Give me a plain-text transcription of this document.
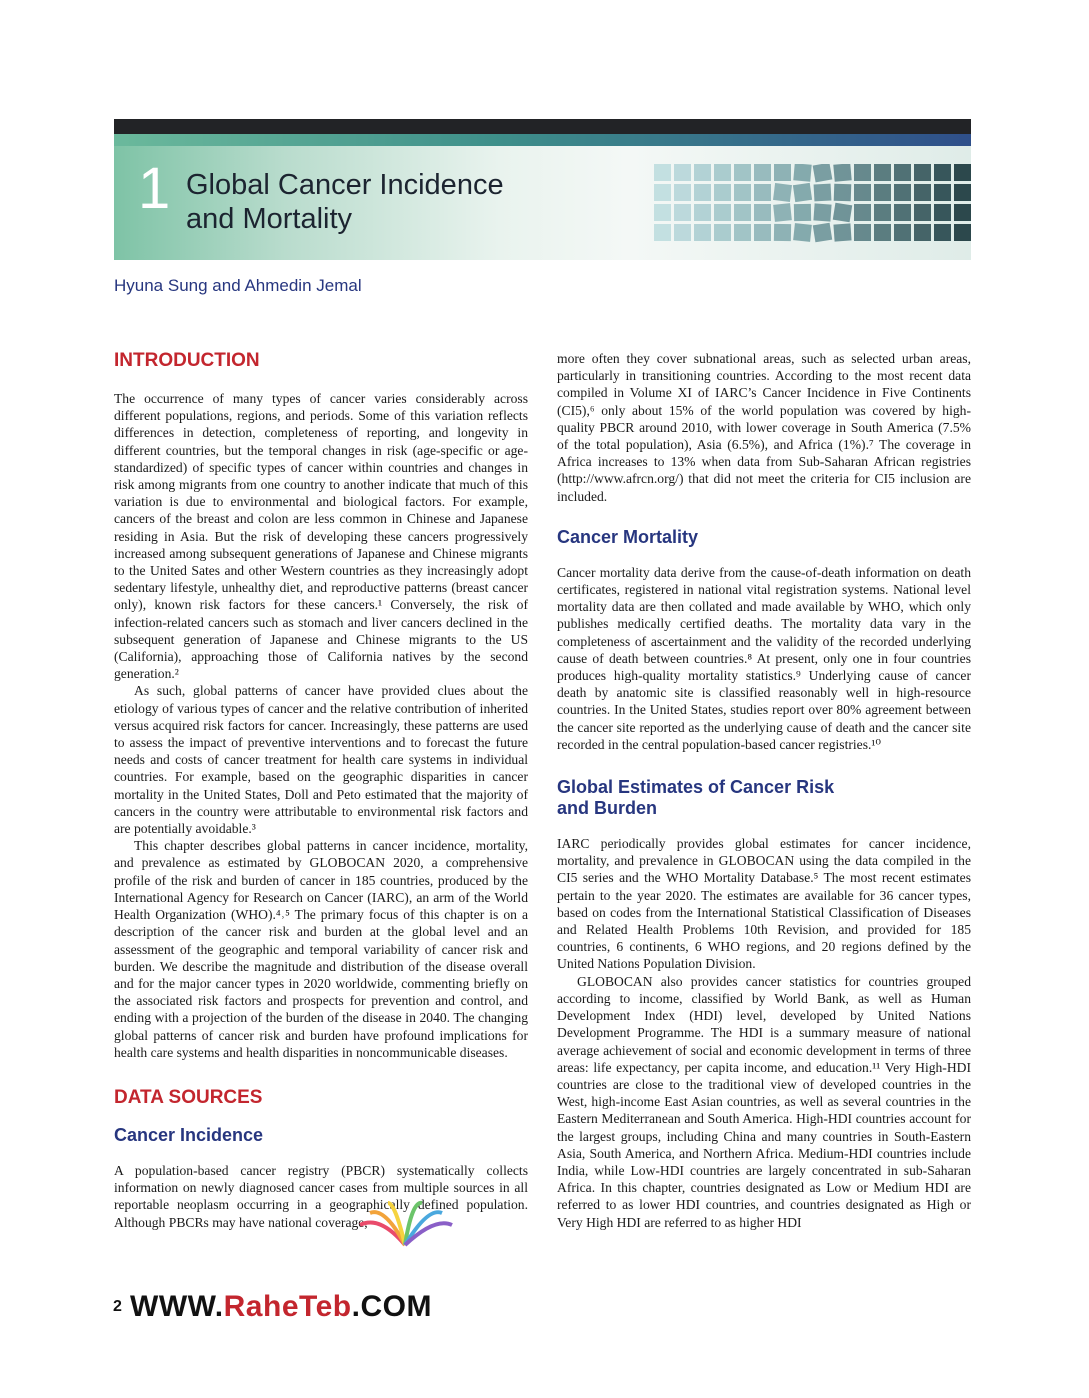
1 Global Cancer Incidence
and Mortality
Hyuna Sung and Ahmedin Jemal
INTRODUCTION

The occurrence of many types of cancer varies considerably across different populations, regions, and periods. Some of this variation reflects differences in detection, completeness of reporting, and longevity in different countries, but the temporal changes in risk (age-specific or age-standardized) of specific types of cancer within countries and changes in risk among migrants from one country to another indicate that much of this variation is due to environmental and biological factors. For example, cancers of the breast and colon are less common in Chinese and Japanese residing in Asia. But the risk of developing these cancers progressively increased among subsequent generations of Japanese and Chinese migrants to the United Sates and other Western countries as they increasingly adopt sedentary lifestyle, unhealthy diet, and reproductive patterns (breast cancer only), known risk factors for these cancers.¹ Conversely, the risk of infection-related cancers such as stomach and liver cancers declined in the subsequent generation of Japanese and Chinese migrants to the US (California), approaching those of California natives by the second generation.²

As such, global patterns of cancer have provided clues about the etiology of various types of cancer and the relative contribution of inherited versus acquired risk factors for cancer. Increasingly, these patterns are used to assess the impact of preventive interventions and to forecast the future needs and costs of cancer treatment for health care systems in individual countries. For example, based on the geographic disparities in cancer mortality in the United States, Doll and Peto estimated that the majority of cancers in the country were attributable to environmental risk factors and are potentially avoidable.³

This chapter describes global patterns in cancer incidence, mortality, and prevalence as estimated by GLOBOCAN 2020, a comprehensive profile of the risk and burden of cancer in 185 countries, produced by the International Agency for Research on Cancer (IARC), an arm of the World Health Organization (WHO).⁴˒⁵ The primary focus of this chapter is on a description of the cancer risk and burden at the global level and an assessment of the geographic and temporal variability of cancer risk and burden. We describe the magnitude and distribution of the disease overall and for the major cancer types in 2020 worldwide, commenting briefly on the associated risk factors and prospects for prevention and control, and ending with a projection of the burden of the disease in 2040. The changing global patterns of cancer risk and burden have profound implications for health care systems and health disparities in noncommunicable diseases.

DATA SOURCES
Cancer Incidence

A population-based cancer registry (PBCR) systematically collects information on newly diagnosed cancer cases from multiple sources in all reportable neoplasm occurring in a geographically defined population. Although PBCRs may have national coverage,

more often they cover subnational areas, such as selected urban areas, particularly in transitioning countries. According to the most recent data compiled in Volume XI of IARC’s Cancer Incidence in Five Continents (CI5),⁶ only about 15% of the world population was covered by high-quality PBCR around 2010, with lower coverage in South America (7.5% of the total population), Asia (6.5%), and Africa (1%).⁷ The coverage in Africa increases to 13% when data from Sub-Saharan African registries (http://www.afrcn.org/) that did not meet the criteria for CI5 inclusion are included.

Cancer Mortality

Cancer mortality data derive from the cause-of-death information on death certificates, registered in national vital registration systems. National level mortality data are then collated and made available by WHO, which only publishes medically certified deaths. The mortality data vary in the completeness of ascertainment and the validity of the recorded underlying cause of death between countries.⁸ At present, only one in four countries produces high-quality mortality statistics.⁹ Underlying cause of cancer death by anatomic site is classified reasonably well in high-resource countries. In the United States, studies report over 80% agreement between the cancer site reported as the underlying cause of death and the cancer site recorded in the central population-based cancer registries.¹⁰

Global Estimates of Cancer Risk
and Burden

IARC periodically provides global estimates for cancer incidence, mortality, and prevalence in GLOBOCAN using the data compiled in the CI5 series and the WHO Mortality Database.⁵ The most recent estimates pertain to the year 2020. The estimates are available for 36 cancer types, based on codes from the International Statistical Classification of Diseases and Related Health Problems 10th Revision, and provided for 185 countries, 6 continents, 6 WHO regions, and 20 regions defined by the United Nations Population Division.

GLOBOCAN also provides cancer statistics for countries grouped according to income, classified by World Bank, as well as Human Development Index (HDI) level, developed by United Nations Development Programme. The HDI is a summary measure of national average achievement of social and economic development in terms of three areas: life expectancy, per capita income, and education.¹¹ Very High-HDI countries are close to the traditional view of developed countries in the West, high-income East Asian countries, as well as several countries in the Eastern Mediterranean and South America. High-HDI countries account for the largest groups, including China and many countries in South-Eastern Asia, South America, and Northern Africa. Medium-HDI countries include India, while Low-HDI countries are largely concentrated in sub-Saharan Africa. In this chapter, countries designated as Low or Medium HDI are referred to as lower HDI countries, and countries designated as High or Very High HDI are referred to as higher HDI

2 WWW.RaheTeb.COM
